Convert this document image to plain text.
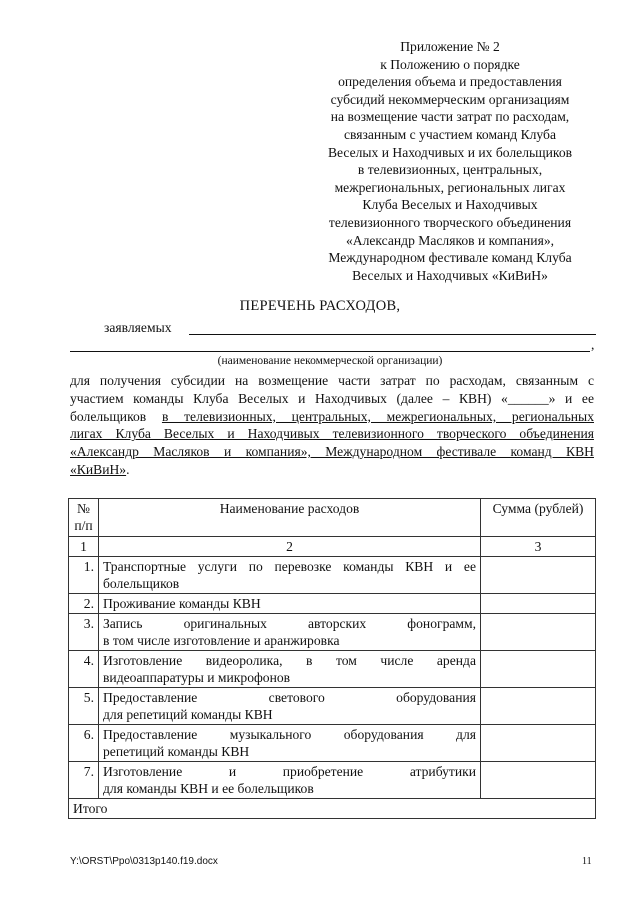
Приложение № 2
к Положению о порядке
определения объема и предоставления
субсидий некоммерческим организациям
на возмещение части затрат по расходам,
связанным с участием команд Клуба
Веселых и Находчивых и их болельщиков
в телевизионных, центральных,
межрегиональных, региональных лигах
Клуба Веселых и Находчивых
телевизионного творческого объединения
«Александр Масляков и компания»,
Международном фестивале команд Клуба
Веселых и Находчивых «КиВиН»
ПЕРЕЧЕНЬ РАСХОДОВ,
заявляемых
,
(наименование некоммерческой организации)
для получения субсидии на возмещение части затрат по расходам, связанным с
участием команды Клуба Веселых и Находчивых (далее – КВН) «______» и ее
болельщиков в телевизионных, центральных, межрегиональных, региональных
лигах Клуба Веселых и Находчивых телевизионного творческого объединения
«Александр Масляков и компания», Международном фестивале команд КВН
«КиВиН».
№
п/п	Наименование расходов	Сумма (рублей)
1	2	3
1.	Транспортные услуги по перевозке команды КВН и ее
болельщиков	

2.	Проживание команды КВН	

3.	Запись оригинальных авторских фонограмм,
в том числе изготовление и аранжировка	

4.	Изготовление видеоролика, в том числе аренда
видеоаппаратуры и микрофонов	

5.	Предоставление светового оборудования
для репетиций команды КВН	

6.	Предоставление музыкального оборудования для
репетиций команды КВН	

7.	Изготовление и приобретение атрибутики
для команды КВН и ее болельщиков	

Итого		
Y:\ORST\Ppo\0313p140.f19.docx	11
